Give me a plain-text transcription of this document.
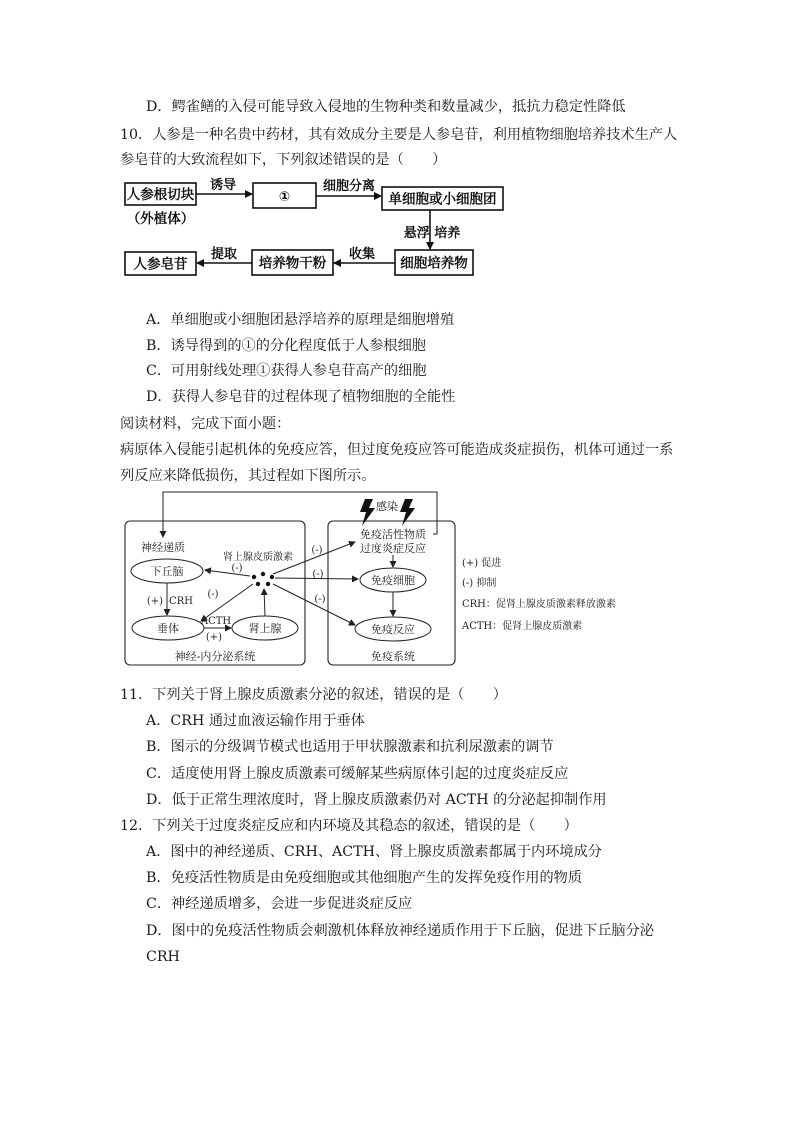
D．鳄雀鳝的入侵可能导致入侵地的生物种类和数量减少，抵抗力稳定性降低
10．人参是一种名贵中药材，其有效成分主要是人参皂苷，利用植物细胞培养技术生产人
参皂苷的大致流程如下，下列叙述错误的是（　　）
人参根切块
（外植体）
诱导
①
细胞分离
单细胞或小细胞团
悬浮 培养
细胞培养物
收集
培养物干粉
提取
人参皂苷
A．单细胞或小细胞团悬浮培养的原理是细胞增殖
B．诱导得到的①的分化程度低于人参根细胞
C．可用射线处理①获得人参皂苷高产的细胞
D．获得人参皂苷的过程体现了植物细胞的全能性
阅读材料，完成下面小题：
病原体入侵能引起机体的免疫应答，但过度免疫应答可能造成炎症损伤，机体可通过一系
列反应来降低损伤，其过程如下图所示。
神经-内分泌系统	免疫系统
感染
免疫活性物质
过度炎症反应
神经递质
下丘脑
肾上腺皮质激素
(-)
(-)
(+) CRH
垂体
ACTH
(+)
肾上腺
(-)
(-)
(-)
免疫细胞
免疫反应
(+) 促进
(-) 抑制
CRH：促肾上腺皮质激素释放激素
ACTH：促肾上腺皮质激素
11．下列关于肾上腺皮质激素分泌的叙述，错误的是（　　）
A．CRH 通过血液运输作用于垂体
B．图示的分级调节模式也适用于甲状腺激素和抗利尿激素的调节
C．适度使用肾上腺皮质激素可缓解某些病原体引起的过度炎症反应
D．低于正常生理浓度时，肾上腺皮质激素仍对 ACTH 的分泌起抑制作用
12．下列关于过度炎症反应和内环境及其稳态的叙述，错误的是（　　）
A．图中的神经递质、CRH、ACTH、肾上腺皮质激素都属于内环境成分
B．免疫活性物质是由免疫细胞或其他细胞产生的发挥免疫作用的物质
C．神经递质增多，会进一步促进炎症反应
D．图中的免疫活性物质会刺激机体释放神经递质作用于下丘脑，促进下丘脑分泌
CRH
